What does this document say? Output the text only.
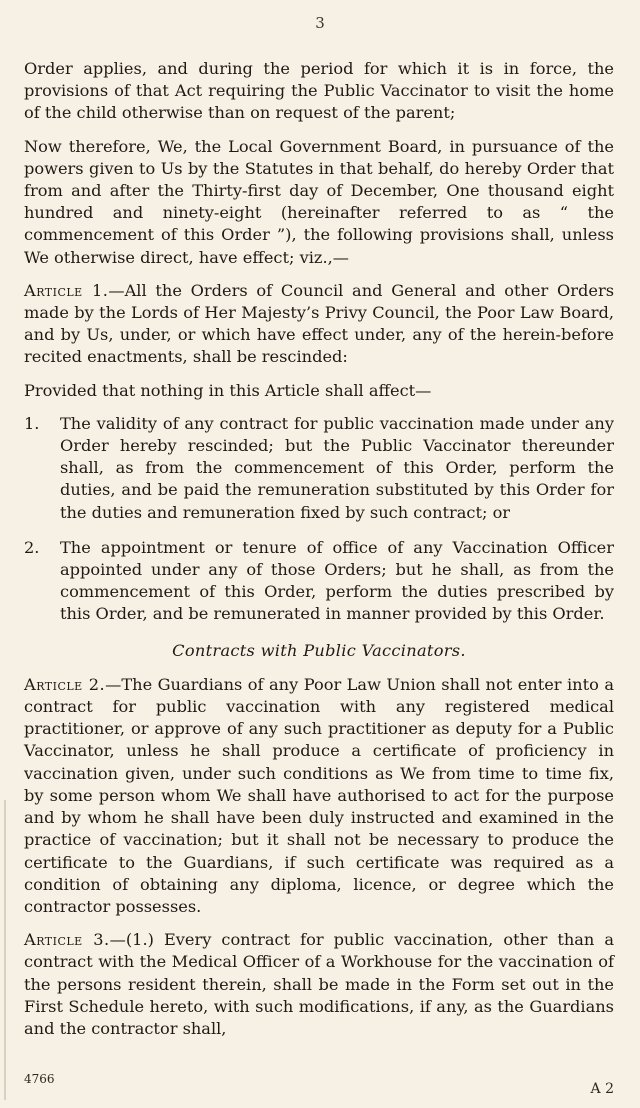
3

Order applies, and during the period for which it is in force, the provisions of that Act requiring the Public Vaccinator to visit the home of the child otherwise than on request of the parent;

Now therefore, We, the Local Government Board, in pursuance of the powers given to Us by the Statutes in that behalf, do hereby Order that from and after the Thirty-first day of December, One thousand eight hundred and ninety-eight (hereinafter referred to as “ the commencement of this Order ”), the following provisions shall, unless We otherwise direct, have effect; viz.,—

Article 1.—All the Orders of Council and General and other Orders made by the Lords of Her Majesty’s Privy Council, the Poor Law Board, and by Us, under, or which have effect under, any of the herein-before recited enactments, shall be rescinded:

Provided that nothing in this Article shall affect—

1. The validity of any contract for public vaccination made under any Order hereby rescinded; but the Public Vaccinator thereunder shall, as from the commencement of this Order, perform the duties, and be paid the remuneration substituted by this Order for the duties and remuneration fixed by such contract; or
2. The appointment or tenure of office of any Vaccination Officer appointed under any of those Orders; but he shall, as from the commencement of this Order, perform the duties prescribed by this Order, and be remunerated in manner provided by this Order.
Contracts with Public Vaccinators.

Article 2.—The Guardians of any Poor Law Union shall not enter into a contract for public vaccination with any registered medical practitioner, or approve of any such practitioner as deputy for a Public Vaccinator, unless he shall produce a certificate of proficiency in vaccination given, under such conditions as We from time to time fix, by some person whom We shall have authorised to act for the purpose and by whom he shall have been duly instructed and examined in the practice of vaccination; but it shall not be necessary to produce the certificate to the Guardians, if such certificate was required as a condition of obtaining any diploma, licence, or degree which the contractor possesses.

Article 3.—(1.) Every contract for public vaccination, other than a contract with the Medical Officer of a Workhouse for the vaccination of the persons resident therein, shall be made in the Form set out in the First Schedule hereto, with such modifications, if any, as the Guardians and the contractor shall,

4766
A 2
